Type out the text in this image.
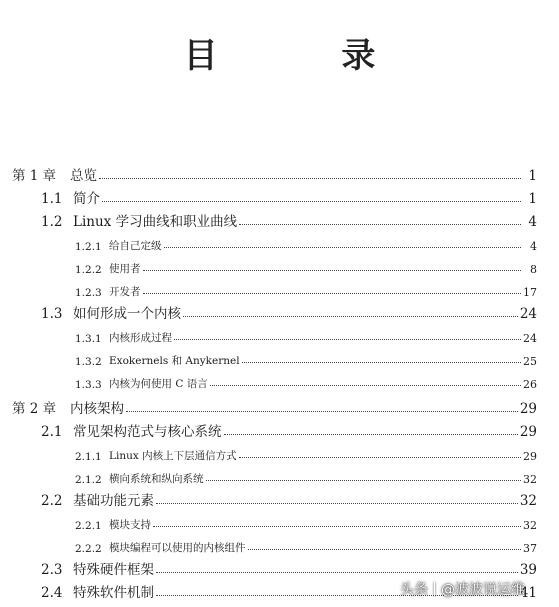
目 录
第 1 章	总览	1
1.1 简介	1
1.2 Linux 学习曲线和职业曲线	4
1.2.1 给自己定级	4
1.2.2 使用者	8
1.2.3 开发者	17
1.3 如何形成一个内核	24
1.3.1 内核形成过程	24
1.3.2 Exokernels 和 Anykernel	25
1.3.3 内核为何使用 C 语言	26
第 2 章	内核架构	29
2.1 常见架构范式与核心系统	29
2.1.1 Linux 内核上下层通信方式	29
2.1.2 横向系统和纵向系统	32
2.2 基础功能元素	32
2.2.1 模块支持	32
2.2.2 模块编程可以使用的内核组件	37
2.3 特殊硬件框架	39
2.4 特殊软件机制	41
头条 @波波说运维
